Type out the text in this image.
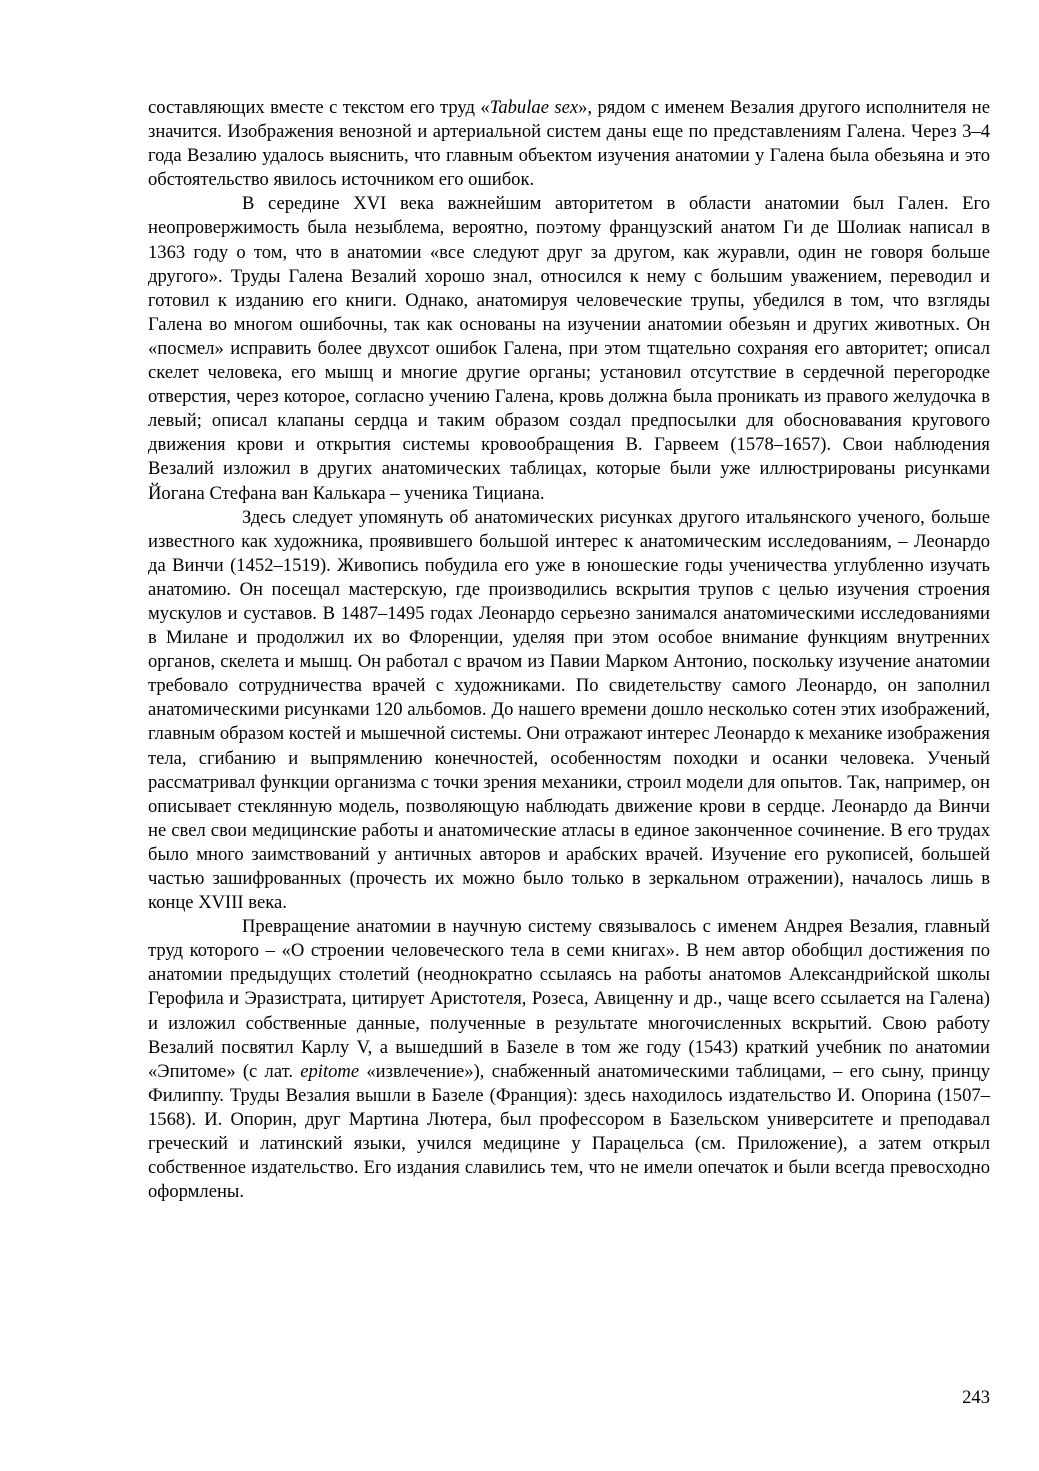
составляющих вместе с текстом его труд «Tabulae sex», рядом с именем Везалия другого исполнителя не значится. Изображения венозной и артериальной систем даны еще по представлениям Галена. Через 3–4 года Везалию удалось выяснить, что главным объектом изучения анатомии у Галена была обезьяна и это обстоятельство явилось источником его ошибок.

В середине XVI века важнейшим авторитетом в области анатомии был Гален. Его неопровержимость была незыблема, вероятно, поэтому французский анатом Ги де Шолиак написал в 1363 году о том, что в анатомии «все следуют друг за другом, как журавли, один не говоря больше другого». Труды Галена Везалий хорошо знал, относился к нему с большим уважением, переводил и готовил к изданию его книги. Однако, анатомируя человеческие трупы, убедился в том, что взгляды Галена во многом ошибочны, так как основаны на изучении анатомии обезьян и других животных. Он «посмел» исправить более двухсот ошибок Галена, при этом тщательно сохраняя его авторитет; описал скелет человека, его мышц и многие другие органы; установил отсутствие в сердечной перегородке отверстия, через которое, согласно учению Галена, кровь должна была проникать из правого желудочка в левый; описал клапаны сердца и таким образом создал предпосылки для обосновавания кругового движения крови и открытия системы кровообращения В. Гарвеем (1578–1657). Свои наблюдения Везалий изложил в других анатомических таблицах, которые были уже иллюстрированы рисунками Йогана Стефана ван Калькара – ученика Тициана.

Здесь следует упомянуть об анатомических рисунках другого итальянского ученого, больше известного как художника, проявившего большой интерес к анатомическим исследованиям, – Леонардо да Винчи (1452–1519). Живопись побудила его уже в юношеские годы ученичества углубленно изучать анатомию. Он посещал мастерскую, где производились вскрытия трупов с целью изучения строения мускулов и суставов. В 1487–1495 годах Леонардо серьезно занимался анатомическими исследованиями в Милане и продолжил их во Флоренции, уделяя при этом особое внимание функциям внутренних органов, скелета и мышц. Он работал с врачом из Павии Марком Антонио, поскольку изучение анатомии требовало сотрудничества врачей с художниками. По свидетельству самого Леонардо, он заполнил анатомическими рисунками 120 альбомов. До нашего времени дошло несколько сотен этих изображений, главным образом костей и мышечной системы. Они отражают интерес Леонардо к механике изображения тела, сгибанию и выпрямлению конечностей, особенностям походки и осанки человека. Ученый рассматривал функции организма с точки зрения механики, строил модели для опытов. Так, например, он описывает стеклянную модель, позволяющую наблюдать движение крови в сердце. Леонардо да Винчи не свел свои медицинские работы и анатомические атласы в единое законченное сочинение. В его трудах было много заимствований у античных авторов и арабских врачей. Изучение его рукописей, большей частью зашифрованных (прочесть их можно было только в зеркальном отражении), началось лишь в конце XVIII века.

Превращение анатомии в научную систему связывалось с именем Андрея Везалия, главный труд которого – «О строении человеческого тела в семи книгах». В нем автор обобщил достижения по анатомии предыдущих столетий (неоднократно ссылаясь на работы анатомов Александрийской школы Герофила и Эразистрата, цитирует Аристотеля, Розеса, Авиценну и др., чаще всего ссылается на Галена) и изложил собственные данные, полученные в результате многочисленных вскрытий. Свою работу Везалий посвятил Карлу V, а вышедший в Базеле в том же году (1543) краткий учебник по анатомии «Эпитоме» (с лат. epitome «извлечение»), снабженный анатомическими таблицами, – его сыну, принцу Филиппу. Труды Везалия вышли в Базеле (Франция): здесь находилось издательство И. Опорина (1507–1568). И. Опорин, друг Мартина Лютера, был профессором в Базельском университете и преподавал греческий и латинский языки, учился медицине у Парацельса (см. Приложение), а затем открыл собственное издательство. Его издания славились тем, что не имели опечаток и были всегда превосходно оформлены.

243
